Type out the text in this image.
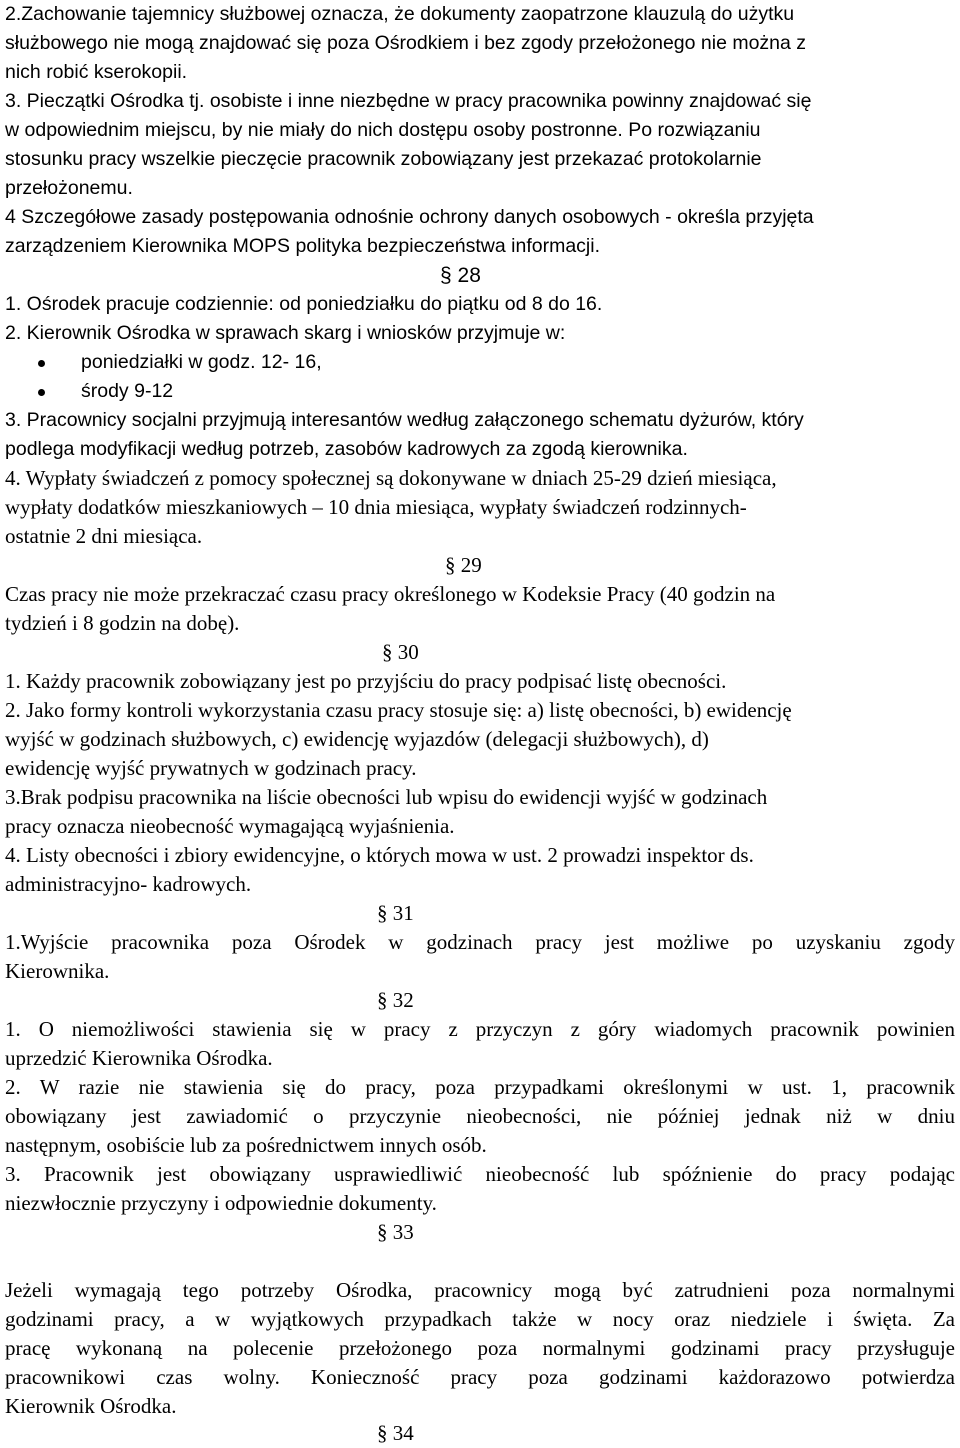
2.Zachowanie tajemnicy służbowej oznacza, że dokumenty zaopatrzone klauzulą do użytku
służbowego nie mogą znajdować się poza Ośrodkiem i bez zgody przełożonego nie można z
nich robić kserokopii.
3. Pieczątki Ośrodka tj. osobiste i inne niezbędne w pracy pracownika powinny znajdować się
w odpowiednim miejscu, by nie miały do nich dostępu osoby postronne. Po rozwiązaniu
stosunku pracy wszelkie pieczęcie pracownik zobowiązany jest przekazać protokolarnie
przełożonemu.
4 Szczegółowe zasady postępowania odnośnie ochrony danych osobowych - określa przyjęta
zarządzeniem Kierownika MOPS polityka bezpieczeństwa informacji.
§ 28
1. Ośrodek pracuje codziennie: od poniedziałku do piątku od 8 do 16.
2. Kierownik Ośrodka w sprawach skarg i wniosków przyjmuje w:
poniedziałki w godz. 12- 16,
środy 9-12
3. Pracownicy socjalni przyjmują interesantów według załączonego schematu dyżurów, który
podlega modyfikacji według potrzeb, zasobów kadrowych za zgodą kierownika.
4. Wypłaty świadczeń z pomocy społecznej są dokonywane w dniach 25-29 dzień miesiąca,
wypłaty dodatków mieszkaniowych – 10 dnia miesiąca, wypłaty świadczeń rodzinnych-
ostatnie 2 dni miesiąca.
§ 29
Czas pracy nie może przekraczać czasu pracy określonego w Kodeksie Pracy (40 godzin na
tydzień i 8 godzin na dobę).
§ 30
1. Każdy pracownik zobowiązany jest po przyjściu do pracy podpisać listę obecności.
2. Jako formy kontroli wykorzystania czasu pracy stosuje się: a) listę obecności, b) ewidencję
wyjść w godzinach służbowych, c) ewidencję wyjazdów (delegacji służbowych), d)
ewidencję wyjść prywatnych w godzinach pracy.
3.Brak podpisu pracownika na liście obecności lub wpisu do ewidencji wyjść w godzinach
pracy oznacza nieobecność wymagającą wyjaśnienia.
4. Listy obecności i zbiory ewidencyjne, o których mowa w ust. 2 prowadzi inspektor ds.
administracyjno- kadrowych.
§ 31
1.Wyjście pracownika poza Ośrodek w godzinach pracy jest możliwe po uzyskaniu zgody
Kierownika.
§ 32
1. O niemożliwości stawienia się w pracy z przyczyn z góry wiadomych pracownik powinien
uprzedzić Kierownika Ośrodka.
2. W razie nie stawienia się do pracy, poza przypadkami określonymi w ust. 1, pracownik
obowiązany jest zawiadomić o przyczynie nieobecności, nie później jednak niż w dniu
następnym, osobiście lub za pośrednictwem innych osób.
3. Pracownik jest obowiązany usprawiedliwić nieobecność lub spóźnienie do pracy podając
niezwłocznie przyczyny i odpowiednie dokumenty.
§ 33
Jeżeli wymagają tego potrzeby Ośrodka, pracownicy mogą być zatrudnieni poza normalnymi
godzinami pracy, a w wyjątkowych przypadkach także w nocy oraz niedziele i święta. Za
pracę wykonaną na polecenie przełożonego poza normalnymi godzinami pracy przysługuje
pracownikowi czas wolny. Konieczność pracy poza godzinami każdorazowo potwierdza
Kierownik Ośrodka.
§ 34
